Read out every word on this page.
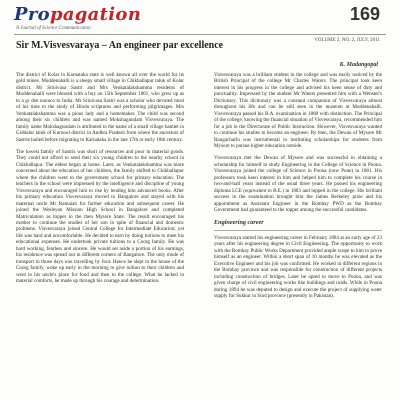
Propagation
A Journal of Science Communication
169
VOLUME 2, NO. 2, JULY, 2011
Sir M.Visvesvaraya – An engineer par excellence
K. Madangopal

The district of Kolar in Karnataka state is well known all over the world for its gold mines. Muddenahalli is a sleepy small village in Chikballapur taluk of Kolar district. Mr Srinivasa Sastri and Mrs Venkatalakshamma residents of Muddenahalli were blessed with a boy on 15th September 1861, who grew up as to a gr den nonuco to India. Mr Srinivasa Sastri was a scholar who devoted most of his time to the study of Hindu scriptures and performing pilgrimages. Mrs Venkatalakshamma was a pious lady and a homemaker. The child was second among their six children and was named Mokshagundam Visvesvaraya. The family name Mokshagundam is attributed to the name of a small village hamlet in Giddalur taluk of Kurnool district in Andhra Pradesh from where the ancestors of Sastrie hailed before migrating to Karnataka in the late 17th or early 18th century.

The lowest family of Sastris was short of resources and poor in material goods. They could not afford to send their six young children to the nearby school in Chikballapur. The eldest began at home. Later, as Venkatalakshamma was more concerned about the education of her children, the family shifted to Chikballapur where the children went to the government school for primary education. The teachers in the school were impressed by the intelligence and discipline of young Visvesvaraya and encouraged him to rise by lending him advanced books. After his primary education Visvesvaraya moved to Bangalore and stayed with his maternal uncle Mr Ramaiah for further education and subsequent career. He joined the Wesleyan Mission High School in Bangalore and completed Matriculation as topper in the then Mysore State. The result encouraged his mother to continue the studies of her son in spite of financial and domestic problems. Visvesvaraya joined Central College for Intermediate Education; yet life was hard and uncomfortable. He decided to earn by doing tuitions to meet his educational expenses. He undertook private tuitions to a Coorg family. He was hard working, fearless and sincere. He would set aside a portion of his earnings, his residence was spread out in different corners of Bangalore. The only mode of transport in those days was travelling by foot. Hence he slept in the house of the Coorg family, woke up early in the morning to give tuition to their children and went to his uncle's place for food and then to the college. What he lacked in material comforts, he made up through his courage and determination.

Visvesvaraya was a brilliant student in the college and was easily noticed by the British Principal of the college Mr Charles Waters. The principal took keen interest in his progress in the college and advised his keen sense of duty and punctuality. Impressed by the student Mr Waters presented him with a Webster's Dictionary. This dictionary was a constant companion of Visvesvaraya almost throughout his life and can be still seen in the museum at Muddenahalli. Visvesvaraya passed his B.A. examination in 1880 with distinction. The Principal of the college, knowing the financial situation of Visvesvaraya, recommended him for a job in the Directorate of Public Instruction. However, Visvesvaraya wanted to continue his studies to become an engineer. By then, the Dewan of Mysore Mr Rangacharlu was instrumental in instituting scholarships for students from Mysore to pursue higher education outside.

Visvesvaraya met the Dewan of Mysore and was successful in obtaining a scholarship for himself to study Engineering in the College of Science in Poona. Visvesvaraya joined the college of Science in Poona (now Pune) in 1881. His professors took keen interest in him and helped him to complete his course in two-and-half years instead of the usual three years. He passed his engineering diploma LCE (equivalent to B.E.) in 1883 and topped in the college. His brilliant success in the examination brought him the James Berkeley prize and his appointment as Assistant Engineer in the Bombay PWD as the Bombay Government had guaranteed to the topper among the successful candidates.

Engineering career

Visvesvaraya started his engineering career in February 1884 at an early age of 23 years after his engineering degree in Civil Engineering. The opportunity to work with the Bombay Public Works Department provided ample scope to him to prove himself as an engineer. Within a short span of 10 months he was elevated as the Executive Engineer and his job was confirmed. He worked in different regions in the Bombay province and was responsible for construction of different projects including construction of bridges. Later he opted to move to Poona, and was given charge of civil engineering works like buildings and roads. While in Poona during 1894 he was deputed to design and execute the project of supplying water supply for Sukkur in Sind province (presently in Pakistan).
